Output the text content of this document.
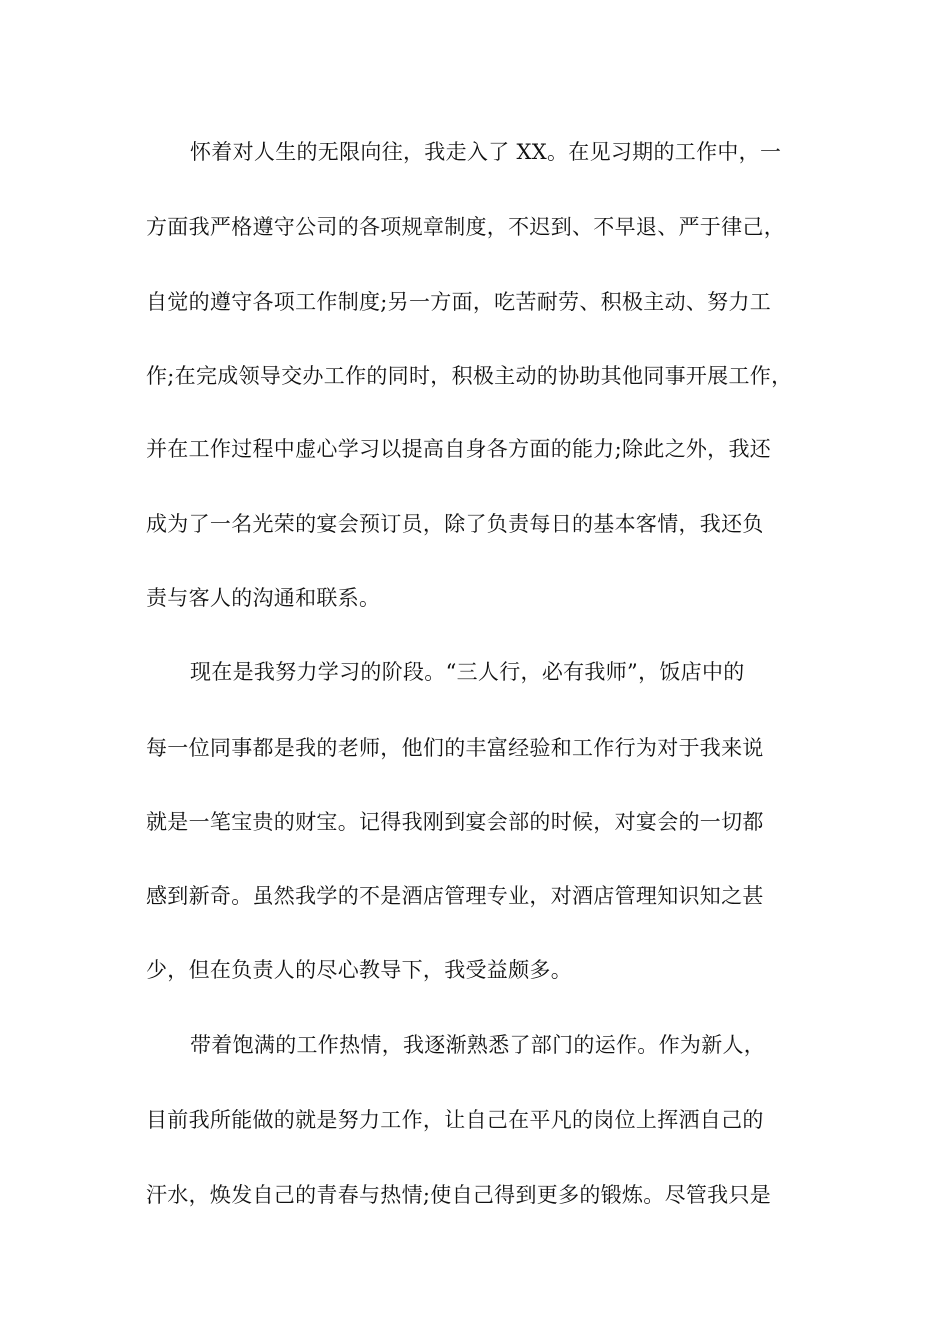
怀着对人生的无限向往，我走入了 XX。在见习期的工作中，一
方面我严格遵守公司的各项规章制度，不迟到、不早退、严于律己，
自觉的遵守各项工作制度;另一方面，吃苦耐劳、积极主动、努力工
作;在完成领导交办工作的同时，积极主动的协助其他同事开展工作，
并在工作过程中虚心学习以提高自身各方面的能力;除此之外，我还
成为了一名光荣的宴会预订员，除了负责每日的基本客情，我还负
责与客人的沟通和联系。
现在是我努力学习的阶段。“三人行，必有我师”，饭店中的
每一位同事都是我的老师，他们的丰富经验和工作行为对于我来说
就是一笔宝贵的财宝。记得我刚到宴会部的时候，对宴会的一切都
感到新奇。虽然我学的不是酒店管理专业，对酒店管理知识知之甚
少，但在负责人的尽心教导下，我受益颇多。
带着饱满的工作热情，我逐渐熟悉了部门的运作。作为新人，
目前我所能做的就是努力工作，让自己在平凡的岗位上挥洒自己的
汗水，焕发自己的青春与热情;使自己得到更多的锻炼。尽管我只是
